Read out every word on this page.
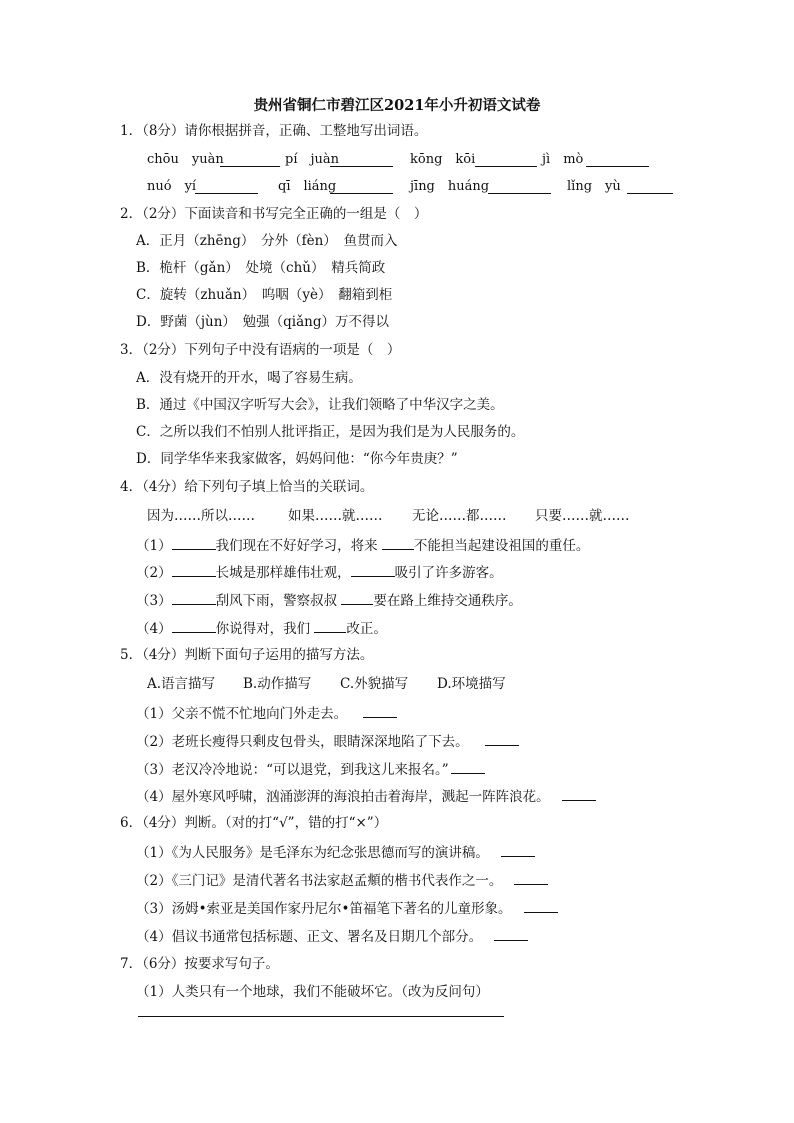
贵州省铜仁市碧江区2021年小升初语文试卷
1．（8分）请你根据拼音，正确、工整地写出词语。
chōu　yuàn	pí　juàn	kōng　kōi	jì　mò
nuó　yí	qī　liáng	jīng　huáng	lǐng　yù
2．（2分）下面读音和书写完全正确的一组是（　）
A．正月（zhēng）　分外（fèn）　鱼贯而入
B．桅杆（gǎn）　处境（chǔ）　精兵简政
C．旋转（zhuǎn）　呜咽（yè）　翻箱到柜
D．野菌（jùn）　勉强（qiǎng）万不得以
3．（2分）下列句子中没有语病的一项是（　）
A．没有烧开的开水，喝了容易生病。
B．通过《中国汉字听写大会》，让我们领略了中华汉字之美。
C．之所以我们不怕别人批评指正，是因为我们是为人民服务的。
D．同学华华来我家做客，妈妈问他：“你今年贵庚？”
4．（4分）给下列句子填上恰当的关联词。
因为……所以…… 如果……就…… 无论……都…… 只要……就……
（1）	我们现在不好好学习，将来	不能担当起建设祖国的重任。
（2）	长城是那样雄伟壮观，	吸引了许多游客。
（3）	刮风下雨，警察叔叔	要在路上维持交通秩序。
（4）	你说得对，我们	改正。
5．（4分）判断下面句子运用的描写方法。
A.语言描写 B.动作描写 C.外貌描写 D.环境描写
（1）父亲不慌不忙地向门外走去。
（2）老班长瘦得只剩皮包骨头，眼睛深深地陷了下去。
（3）老汉冷冷地说：“可以退党，到我这儿来报名。”
（4）屋外寒风呼啸，汹涌澎湃的海浪拍击着海岸，溅起一阵阵浪花。
6．（4分）判断。（对的打“√”，错的打“×”）
（1）《为人民服务》是毛泽东为纪念张思德而写的演讲稿。
（2）《三门记》是清代著名书法家赵孟頫的楷书代表作之一。
（3）汤姆•索亚是美国作家丹尼尔•笛福笔下著名的儿童形象。
（4）倡议书通常包括标题、正文、署名及日期几个部分。
7．（6分）按要求写句子。
（1）人类只有一个地球，我们不能破坏它。（改为反问句）
